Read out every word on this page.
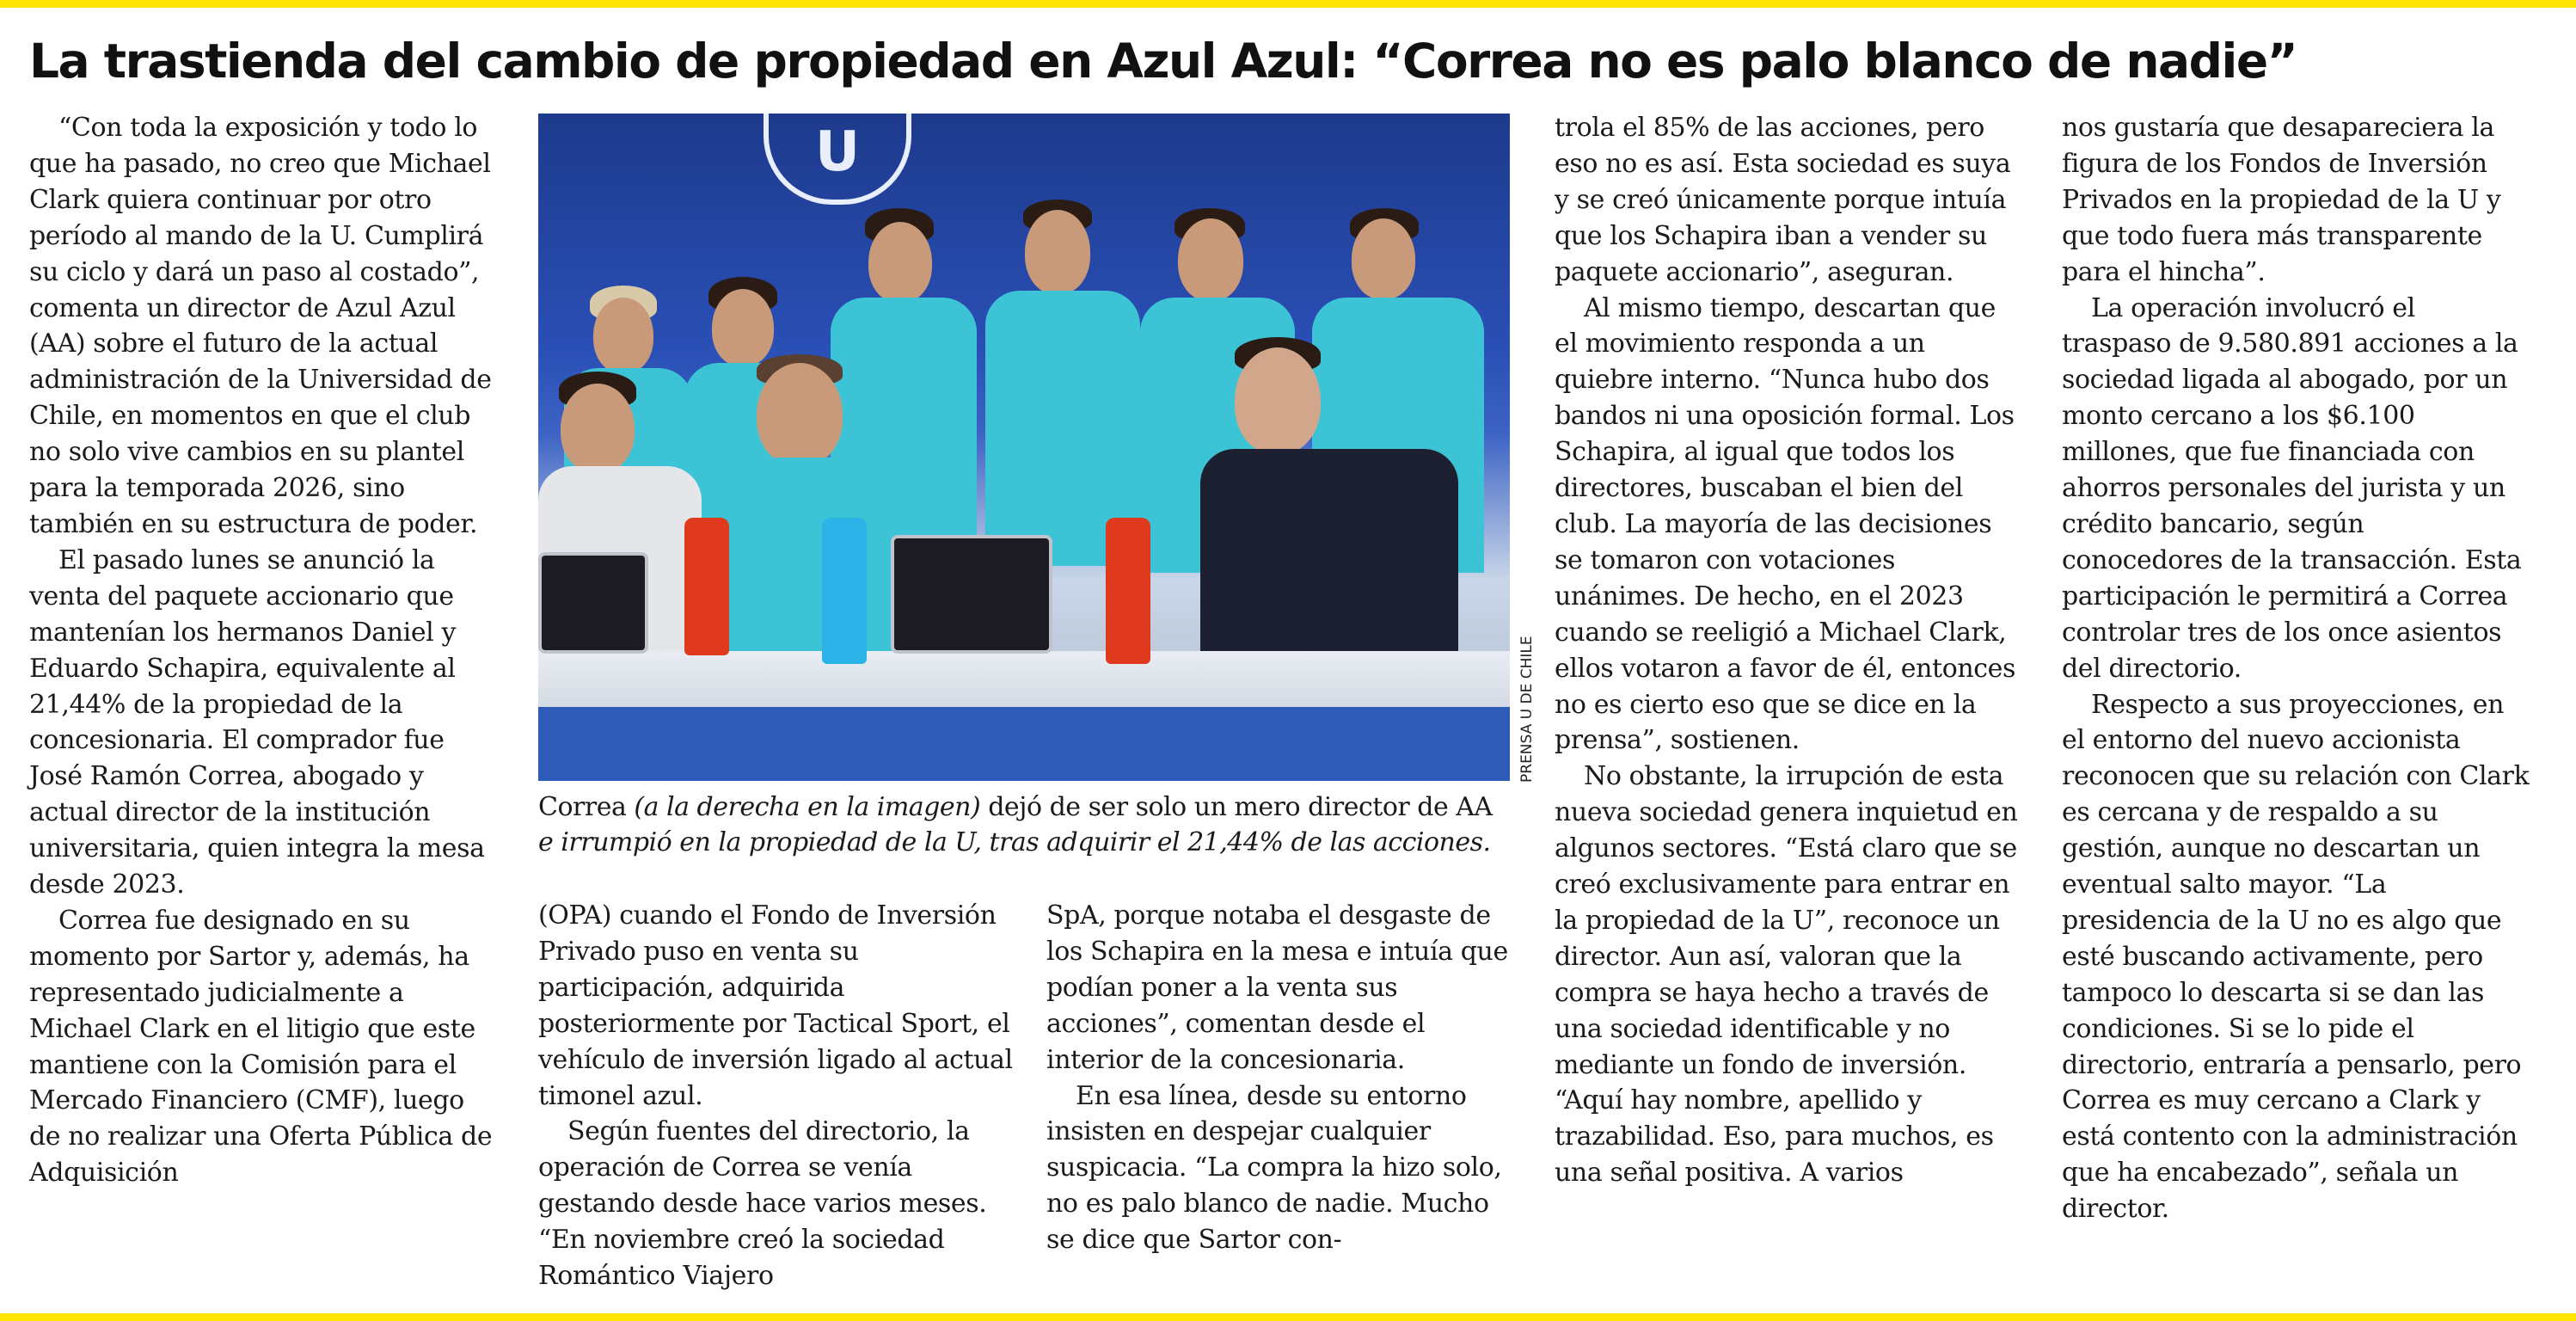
La trastienda del cambio de propiedad en Azul Azul: “Correa no es palo blanco de nadie”

“Con toda la exposición y todo lo que ha pasado, no creo que Michael Clark quiera continuar por otro período al mando de la U. Cumplirá su ciclo y dará un paso al costado”, comenta un director de Azul Azul (AA) sobre el futuro de la actual administración de la Universidad de Chile, en momentos en que el club no solo vive cambios en su plantel para la temporada 2026, sino también en su estructura de poder.

El pasado lunes se anunció la venta del paquete accionario que mantenían los hermanos Daniel y Eduardo Schapira, equivalente al 21,44% de la propiedad de la concesionaria. El comprador fue José Ramón Correa, abogado y actual director de la institución universitaria, quien integra la mesa desde 2023.

Correa fue designado en su momento por Sartor y, además, ha representado judicialmente a Michael Clark en el litigio que este mantiene con la Comisión para el Mercado Financiero (CMF), luego de no realizar una Oferta Pública de Adquisición

U
PRENSA U DE CHILE
Correa (a la derecha en la imagen) dejó de ser solo un mero director de AA
e irrumpió en la propiedad de la U, tras adquirir el 21,44% de las acciones.

(OPA) cuando el Fondo de Inversión Privado puso en venta su participación, adquirida posteriormente por Tactical Sport, el vehículo de inversión ligado al actual timonel azul.

Según fuentes del directorio, la operación de Correa se venía gestando desde hace varios meses. “En noviembre creó la sociedad Romántico Viajero

SpA, porque notaba el desgaste de los Schapira en la mesa e intuía que podían poner a la venta sus acciones”, comentan desde el interior de la concesionaria.

En esa línea, desde su entorno insisten en despejar cualquier suspicacia. “La compra la hizo solo, no es palo blanco de nadie. Mucho se dice que Sartor con-

trola el 85% de las acciones, pero eso no es así. Esta sociedad es suya y se creó únicamente porque intuía que los Schapira iban a vender su paquete accionario”, aseguran.

Al mismo tiempo, descartan que el movimiento responda a un quiebre interno. “Nunca hubo dos bandos ni una oposición formal. Los Schapira, al igual que todos los directores, buscaban el bien del club. La mayoría de las decisiones se tomaron con votaciones unánimes. De hecho, en el 2023 cuando se reeligió a Michael Clark, ellos votaron a favor de él, entonces no es cierto eso que se dice en la prensa”, sostienen.

No obstante, la irrupción de esta nueva sociedad genera inquietud en algunos sectores. “Está claro que se creó exclusivamente para entrar en la propiedad de la U”, reconoce un director. Aun así, valoran que la compra se haya hecho a través de una sociedad identificable y no mediante un fondo de inversión. “Aquí hay nombre, apellido y trazabilidad. Eso, para muchos, es una señal positiva. A varios

nos gustaría que desapareciera la figura de los Fondos de Inversión Privados en la propiedad de la U y que todo fuera más transparente para el hincha”.

La operación involucró el traspaso de 9.580.891 acciones a la sociedad ligada al abogado, por un monto cercano a los $6.100 millones, que fue financiada con ahorros personales del jurista y un crédito bancario, según conocedores de la transacción. Esta participación le permitirá a Correa controlar tres de los once asientos del directorio.

Respecto a sus proyecciones, en el entorno del nuevo accionista reconocen que su relación con Clark es cercana y de respaldo a su gestión, aunque no descartan un eventual salto mayor. “La presidencia de la U no es algo que esté buscando activamente, pero tampoco lo descarta si se dan las condiciones. Si se lo pide el directorio, entraría a pensarlo, pero Correa es muy cercano a Clark y está contento con la administración que ha encabezado”, señala un director.
